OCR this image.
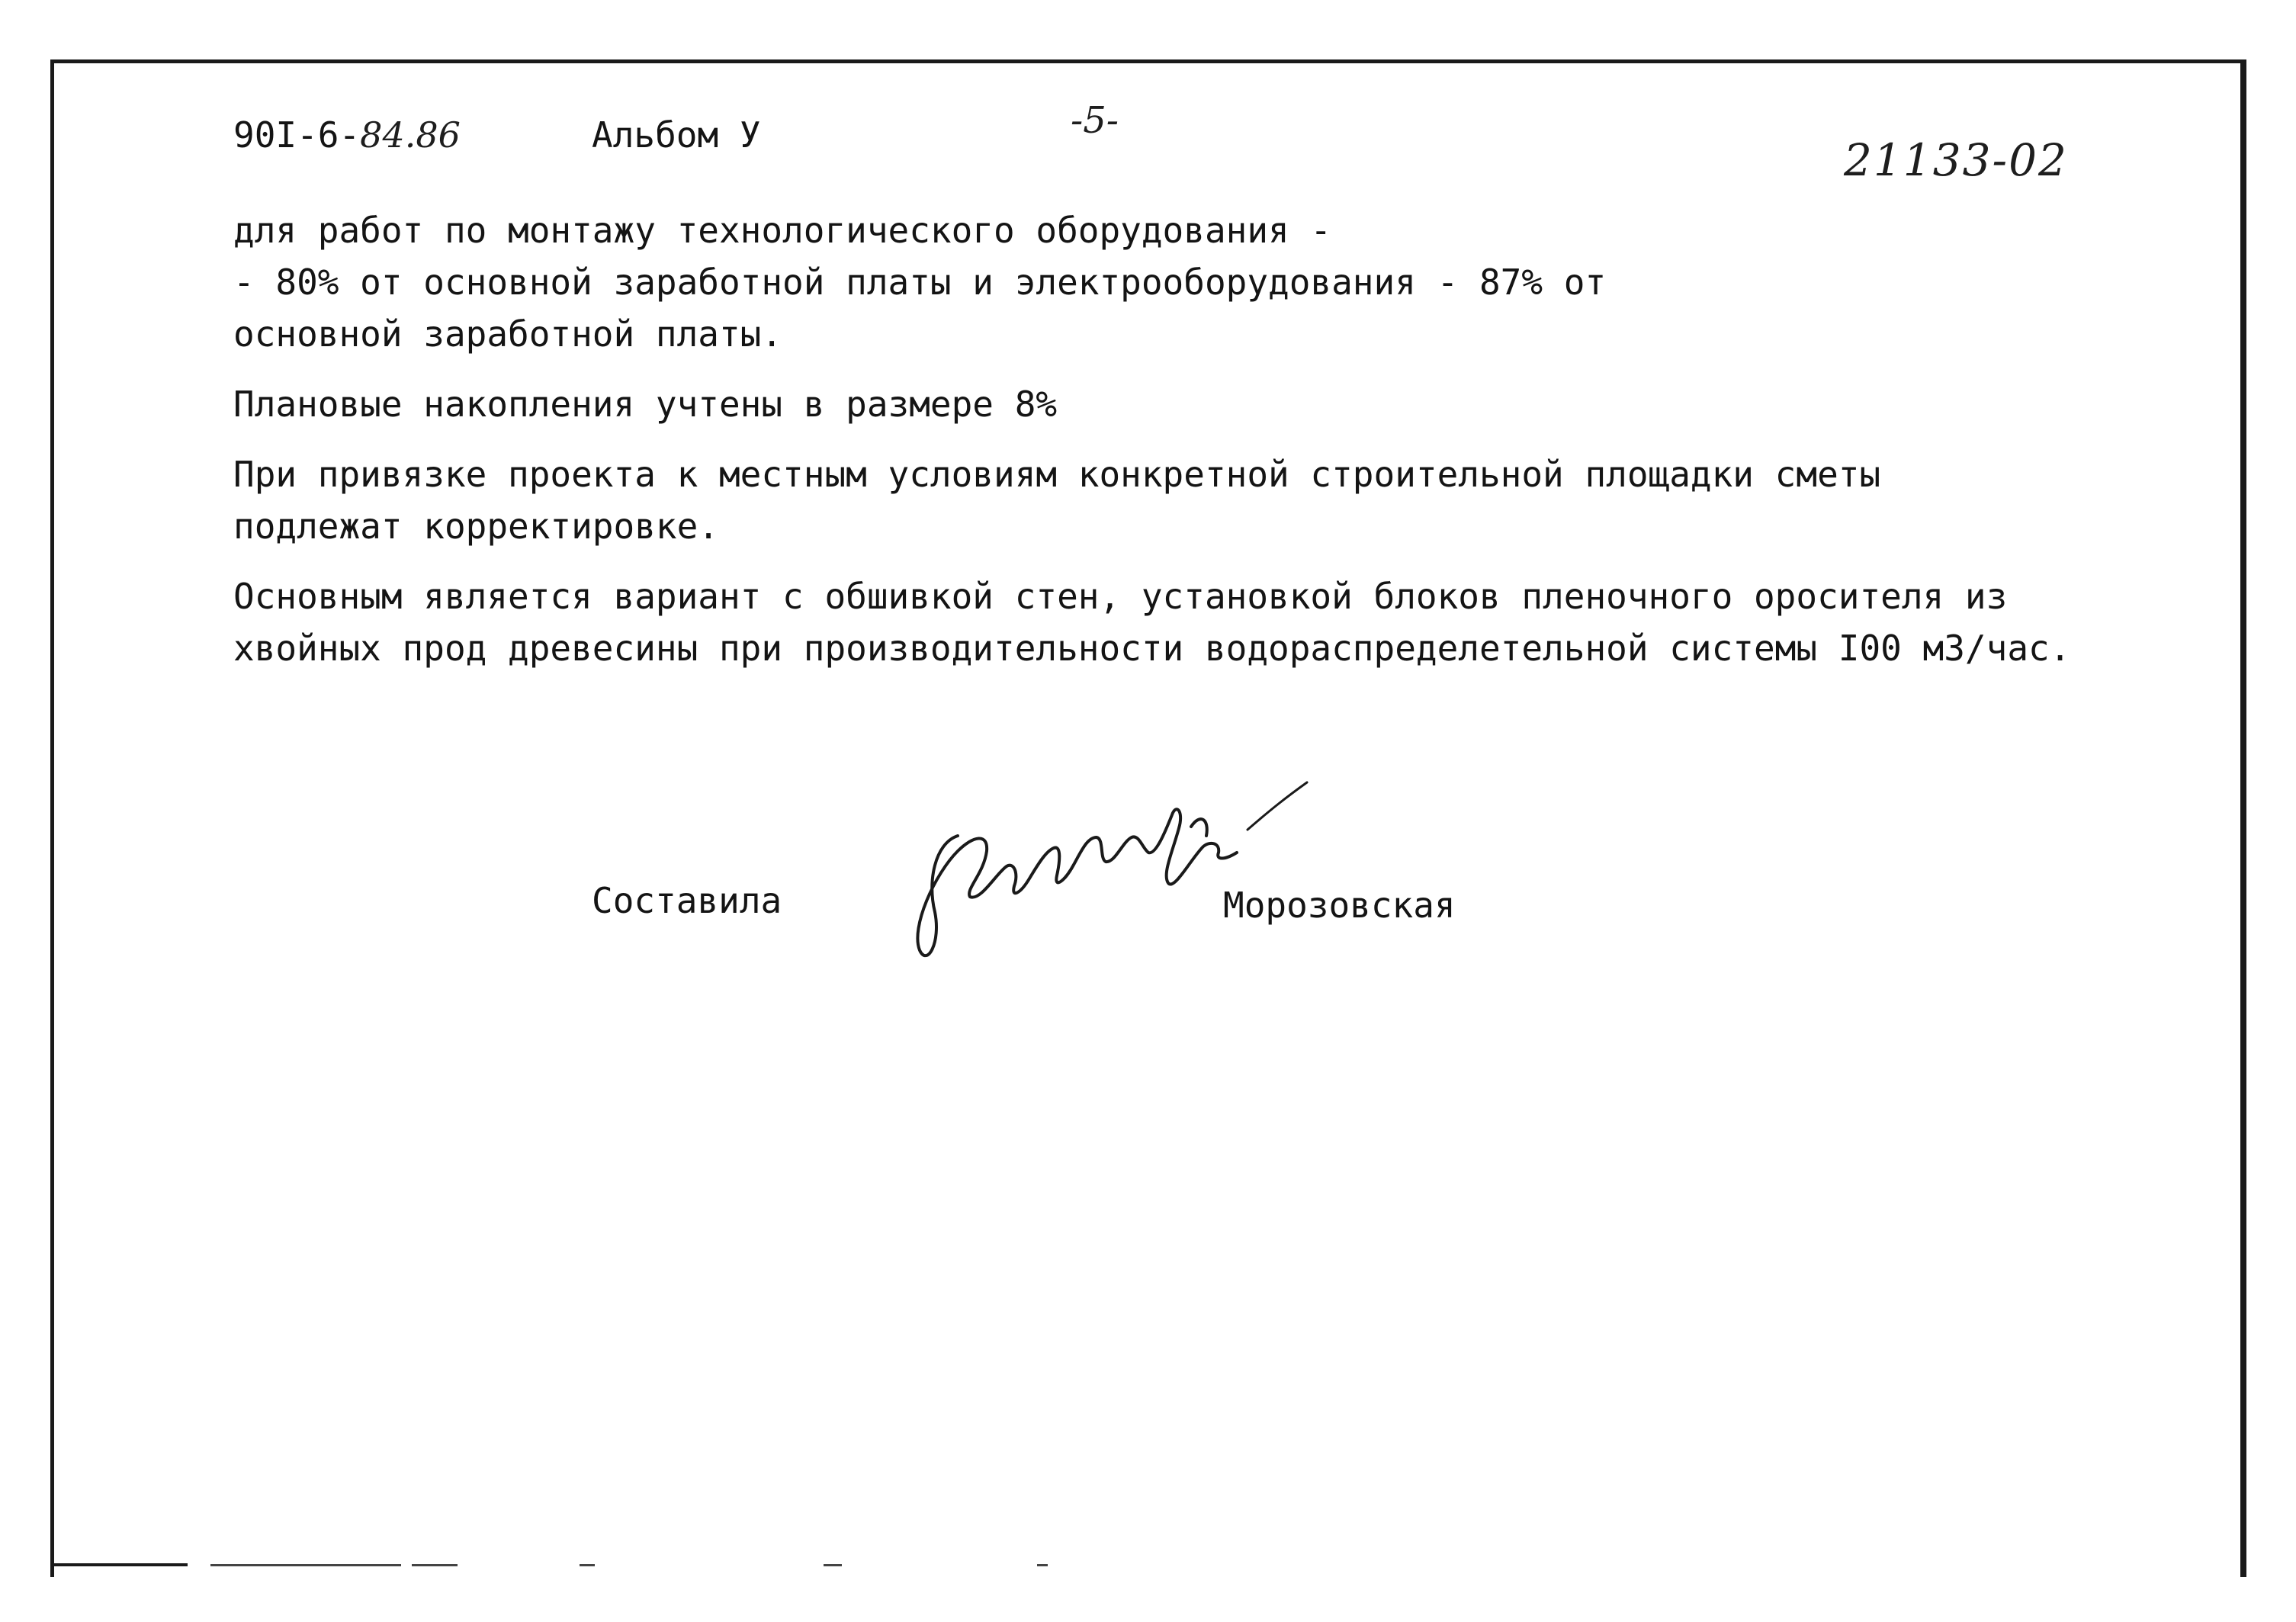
90I-6-84.86	Альбом У	-5-
21133-02
для работ по монтажу технологического оборудования -
- 80% от основной заработной платы и электрооборудования - 87% от
основной заработной платы.
Плановые накопления учтены в размере 8%
При привязке проекта к местным условиям конкретной строительной площадки сметы
подлежат корректировке.
Основным является вариант с обшивкой стен, установкой блоков пленочного оросителя из
хвойных прод древесины при производительности водораспределетельной системы I00 м3/час.
Составила	Морозовская
